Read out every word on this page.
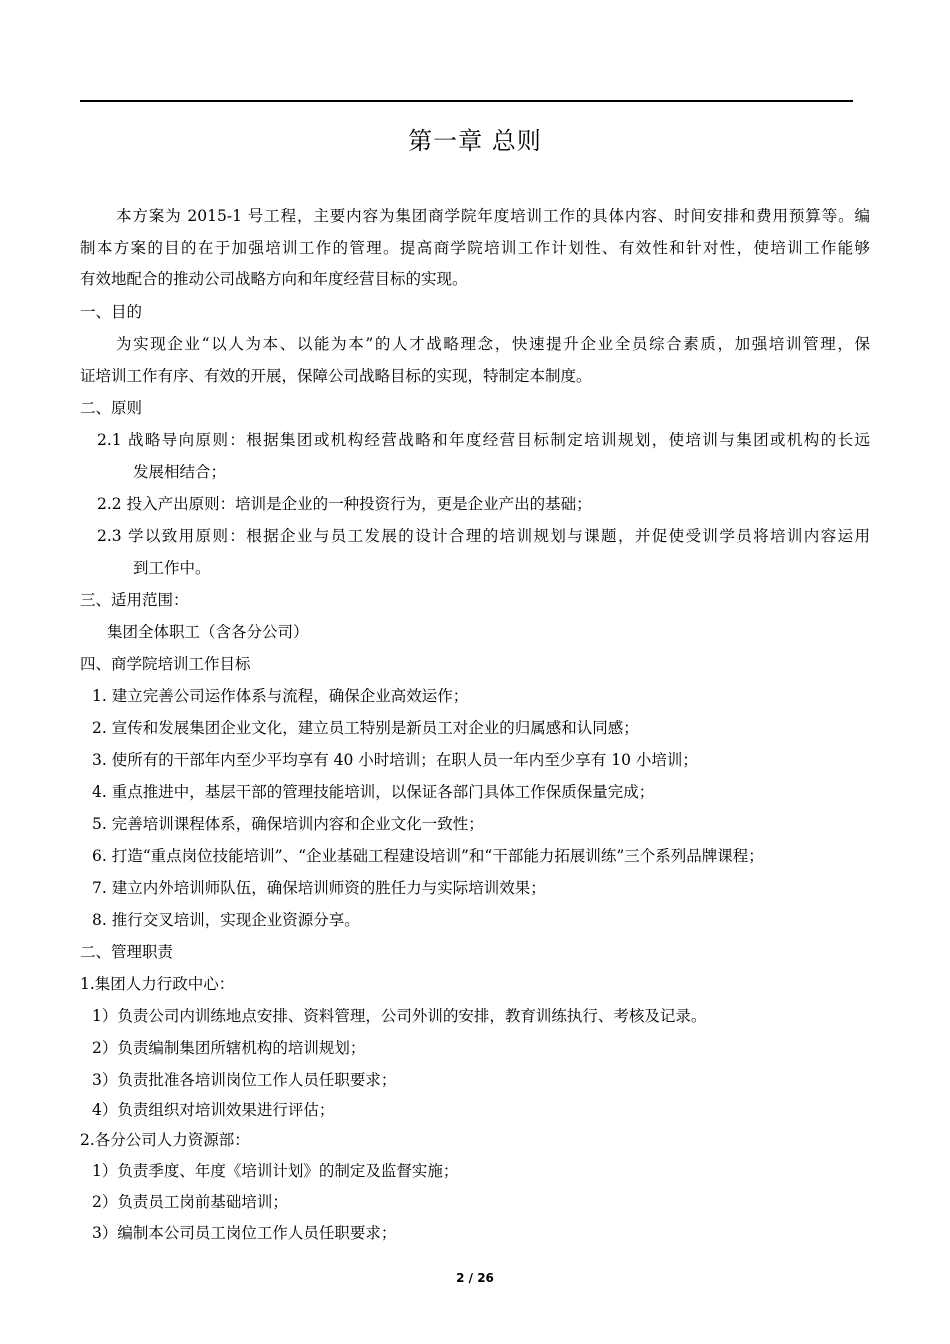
第一章 总则
本方案为 2015-1 号工程，主要内容为集团商学院年度培训工作的具体内容、时间安排和费用预算等。编
制本方案的目的在于加强培训工作的管理。提高商学院培训工作计划性、有效性和针对性，使培训工作能够
有效地配合的推动公司战略方向和年度经营目标的实现。
一、目的
为实现企业“以人为本、以能为本”的人才战略理念，快速提升企业全员综合素质，加强培训管理，保
证培训工作有序、有效的开展，保障公司战略目标的实现，特制定本制度。
二、原则
2.1 战略导向原则：根据集团或机构经营战略和年度经营目标制定培训规划，使培训与集团或机构的长远
发展相结合；
2.2 投入产出原则：培训是企业的一种投资行为，更是企业产出的基础；
2.3 学以致用原则：根据企业与员工发展的设计合理的培训规划与课题，并促使受训学员将培训内容运用
到工作中。
三、适用范围：
集团全体职工（含各分公司）
四、商学院培训工作目标
1. 建立完善公司运作体系与流程，确保企业高效运作；
2. 宣传和发展集团企业文化，建立员工特别是新员工对企业的归属感和认同感；
3. 使所有的干部年内至少平均享有 40 小时培训；在职人员一年内至少享有 10 小培训；
4. 重点推进中，基层干部的管理技能培训，以保证各部门具体工作保质保量完成；
5. 完善培训课程体系，确保培训内容和企业文化一致性；
6. 打造“重点岗位技能培训”、“企业基础工程建设培训”和“干部能力拓展训练”三个系列品牌课程；
7. 建立内外培训师队伍，确保培训师资的胜任力与实际培训效果；
8. 推行交叉培训，实现企业资源分享。
二、管理职责
1.集团人力行政中心：
1）负责公司内训练地点安排、资料管理，公司外训的安排，教育训练执行、考核及记录。
2）负责编制集团所辖机构的培训规划；
3）负责批准各培训岗位工作人员任职要求；
4）负责组织对培训效果进行评估；
2.各分公司人力资源部：
1）负责季度、年度《培训计划》的制定及监督实施；
2）负责员工岗前基础培训；
3）编制本公司员工岗位工作人员任职要求；
2 / 26
